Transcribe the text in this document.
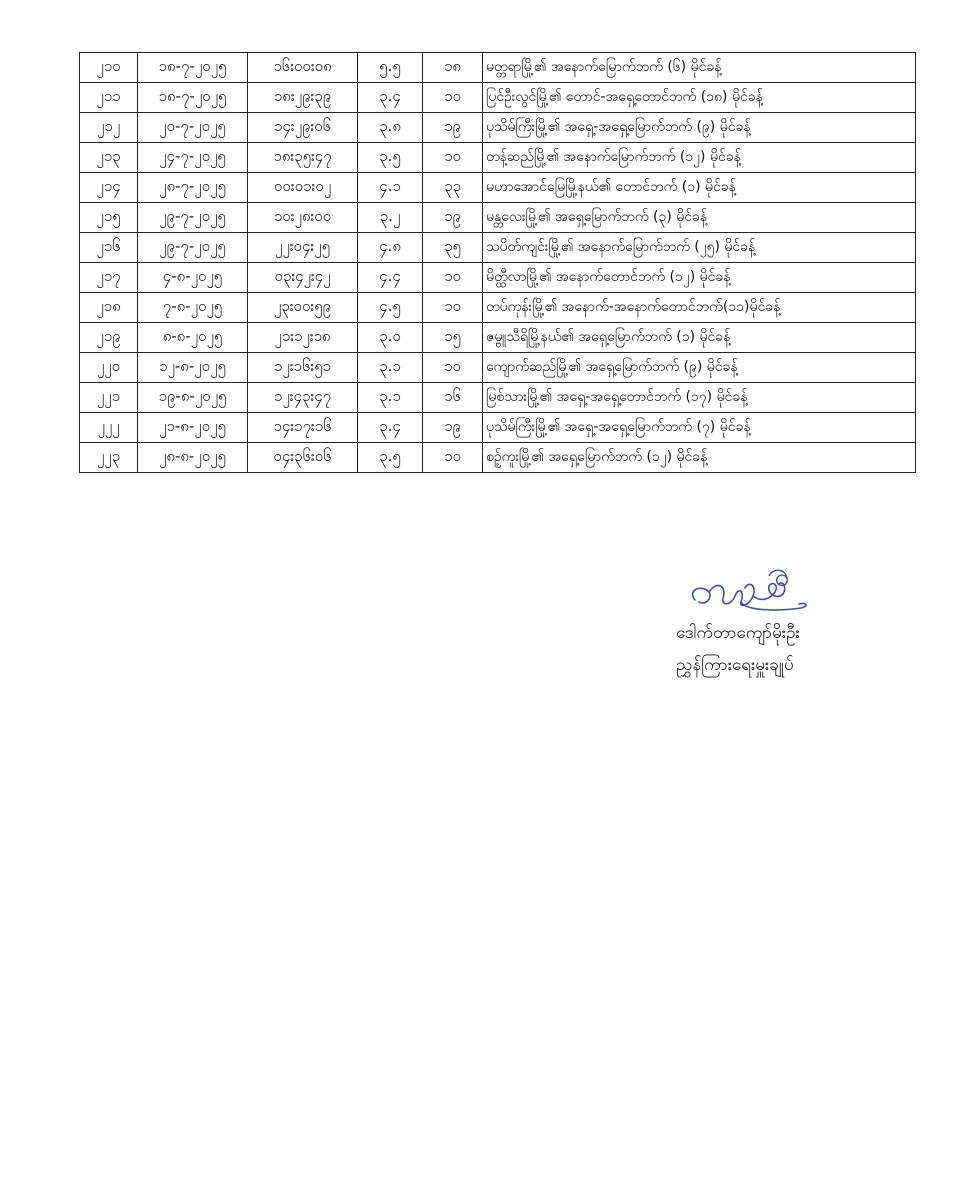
၂၁၀	၁၈-၇-၂၀၂၅	၁၆း၀၀း၀၈	၅.၅	၁၈	မတ္တရာမြို့၏ အနောက်မြောက်ဘက် (၆) မိုင်ခန့်
၂၁၁	၁၈-၇-၂၀၂၅	၁၈း၂၉း၃၉	၃.၄	၁၀	ပြင်ဦးလွင်မြို့၏ တောင်-အရှေ့တောင်ဘက် (၁၈) မိုင်ခန့်
၂၁၂	၂၀-၇-၂၀၂၅	၁၄း၂၉း၀၆	၃.၈	၁၉	ပုသိမ်ကြီးမြို့၏ အရှေ့-အရှေ့မြောက်ဘက် (၉) မိုင်ခန့်
၂၁၃	၂၄-၇-၂၀၂၅	၁၈း၃၅း၄၇	၃.၅	၁၀	တန့်ဆည်မြို့၏ အနောက်မြောက်ဘက် (၁၂) မိုင်ခန့်
၂၁၄	၂၈-၇-၂၀၂၅	၀၀း၀၁း၀၂	၄.၁	၃၃	မဟာအောင်မြေမြို့နယ်၏ တောင်ဘက် (၁) မိုင်ခန့်
၂၁၅	၂၉-၇-၂၀၂၅	၁၀း၂၈း၀၀	၃.၂	၁၉	မန္တလေးမြို့၏ အရှေ့မြောက်ဘက် (၃) မိုင်ခန့်
၂၁၆	၂၉-၇-၂၀၂၅	၂၂း၀၄း၂၅	၄.၈	၃၅	သပိတ်ကျင်းမြို့၏ အနောက်မြောက်ဘက် (၂၅) မိုင်ခန့်
၂၁၇	၄-၈-၂၀၂၅	၀၃း၄၂း၄၂	၄.၄	၁၀	မိတ္ထီလာမြို့၏ အနောက်တောင်ဘက် (၁၂) မိုင်ခန့်
၂၁၈	၇-၈-၂၀၂၅	၂၃း၀၀း၅၉	၄.၅	၁၀	တပ်ကုန်းမြို့၏ အနောက်-အနောက်တောင်ဘက်(၁၁)မိုင်ခန့်
၂၁၉	၈-၈-၂၀၂၅	၂၁း၁၂း၁၈	၃.၀	၁၅	ဇမ္ဗူသီရိမြို့နယ်၏ အရှေ့မြောက်ဘက် (၁) မိုင်ခန့်
၂၂၀	၁၂-၈-၂၀၂၅	၁၂း၁၆း၅၁	၃.၁	၁၀	ကျောက်ဆည်မြို့၏ အရှေ့မြောက်ဘက် (၉) မိုင်ခန့်
၂၂၁	၁၉-၈-၂၀၂၅	၁၂း၄၃း၄၇	၃.၁	၁၆	မြစ်သားမြို့၏ အရှေ့-အရှေ့တောင်ဘက် (၁၇) မိုင်ခန့်
၂၂၂	၂၁-၈-၂၀၂၅	၁၄း၁၇း၁၆	၃.၄	၁၉	ပုသိမ်ကြီးမြို့၏ အရှေ့-အရှေ့မြောက်ဘက် (၇) မိုင်ခန့်
၂၂၃	၂၈-၈-၂၀၂၅	၀၄း၃၆း၀၆	၃.၅	၁၀	စဥ့်ကူးမြို့၏ အရှေ့မြောက်ဘက် (၁၂) မိုင်ခန့်
ဒေါက်တာကျော်မိုးဦး
ညွှန်ကြားရေးမှူးချုပ်
